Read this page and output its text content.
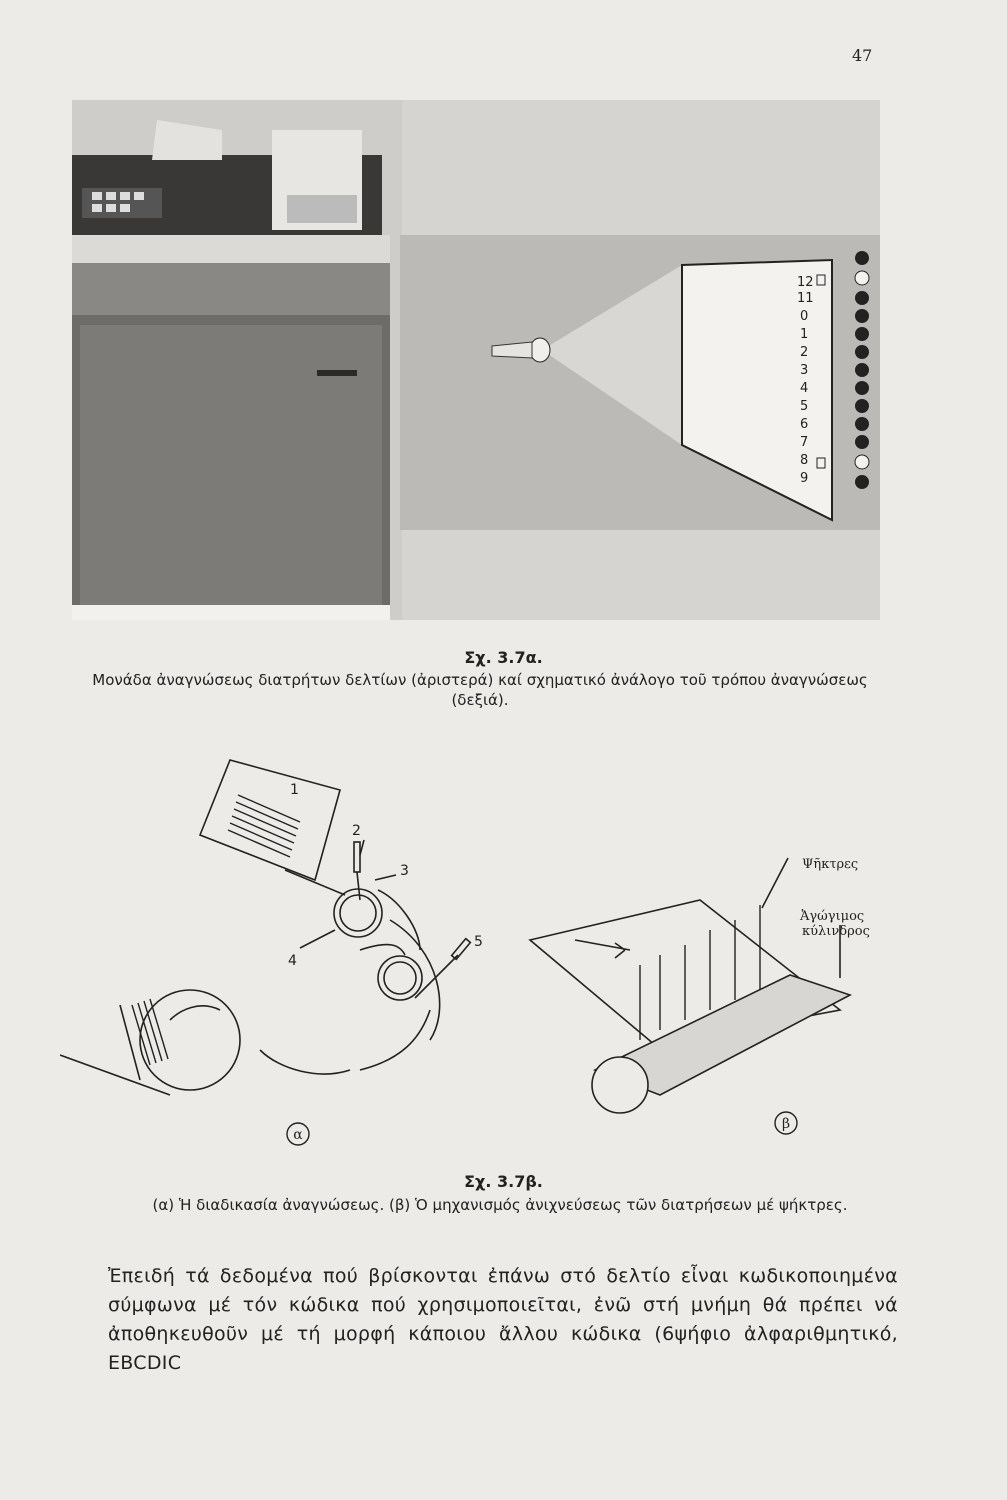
47
12
11
0
1
2
3
4
5
6
7
8
9
Σχ. 3.7α.
Μονάδα ἀναγνώσεως διατρήτων δελτίων (ἀριστερά) καί σχηματικό ἀνάλογο τοῦ τρόπου ἀναγνώσεως (δεξιά).
1
2
3
4
5
α
Ψῆκτρες
Ἀγώγιμος
κύλινδρος
β
Σχ. 3.7β.
(α) Ἡ διαδικασία ἀναγνώσεως. (β) Ὁ μηχανισμός ἀνιχνεύσεως τῶν διατρήσεων μέ ψήκτρες.
Ἐπειδή τά δεδομένα πού βρίσκονται ἐπάνω στό δελτίο εἶναι κωδικοποιημένα σύμφωνα μέ τόν κώδικα πού χρησιμοποιεῖται, ἐνῶ στή μνήμη θά πρέπει νά ἀποθηκευθοῦν μέ τή μορφή κάποιου ἄλλου κώδικα (6ψήφιο ἀλφαριθμητικό, EBCDIC
